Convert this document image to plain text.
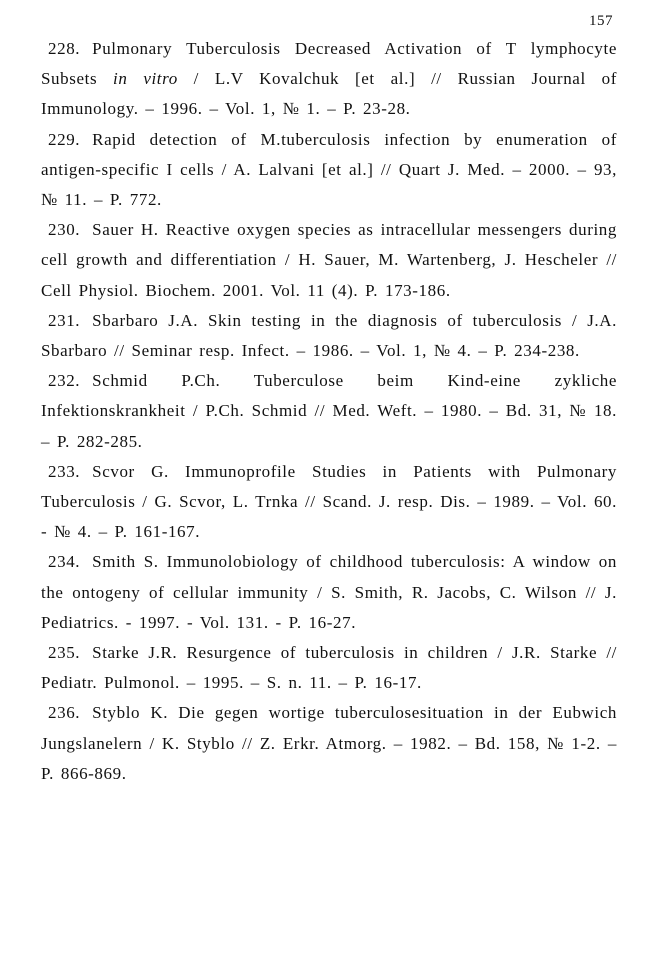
157

228. Pulmonary Tuberculosis Decreased Activation of T lymphocyte Subsets in vitro / L.V Kovalchuk [et al.] // Russian Journal of Immunology. – 1996. – Vol. 1, № 1. – P. 23-28.

229. Rapid detection of M.tuberculosis infection by enumeration of antigen-specific I cells / A. Lalvani [et al.] // Quart J. Med. – 2000. – 93, № 11. – P. 772.

230. Sauer H. Reactive oxygen species as intracellular messengers during cell growth and differentiation / H. Sauer, M. Wartenberg, J. Hescheler // Cell Physiol. Biochem. 2001. Vol. 11 (4). P. 173-186.

231. Sbarbaro J.A. Skin testing in the diagnosis of tuberculosis / J.A. Sbarbaro // Seminar resp. Infect. – 1986. – Vol. 1, № 4. – P. 234-238.

232. Schmid P.Ch. Tuberculose beim Kind-eine zykliche Infektionskrankheit / P.Ch. Schmid // Med. Weft. – 1980. – Bd. 31, № 18. – P. 282-285.

233. Scvor G. Immunoprofile Studies in Patients with Pulmonary Tuberculosis / G. Scvor, L. Trnka // Scand. J. resp. Dis. – 1989. – Vol. 60. - № 4. – P. 161-167.

234. Smith S. Immunolobiology of childhood tuberculosis: A window on the ontogeny of cellular immunity / S. Smith, R. Jacobs, C. Wilson // J. Pediatrics. - 1997. - Vol. 131. - P. 16-27.

235. Starke J.R. Resurgence of tuberculosis in children / J.R. Starke // Pediatr. Pulmonol. – 1995. – S. n. 11. – P. 16-17.

236. Styblo K. Die gegen wortige tuberculosesituation in der Eubwich Jungslanelern / K. Styblo // Z. Erkr. Atmorg. – 1982. – Bd. 158, № 1-2. – P. 866-869.
